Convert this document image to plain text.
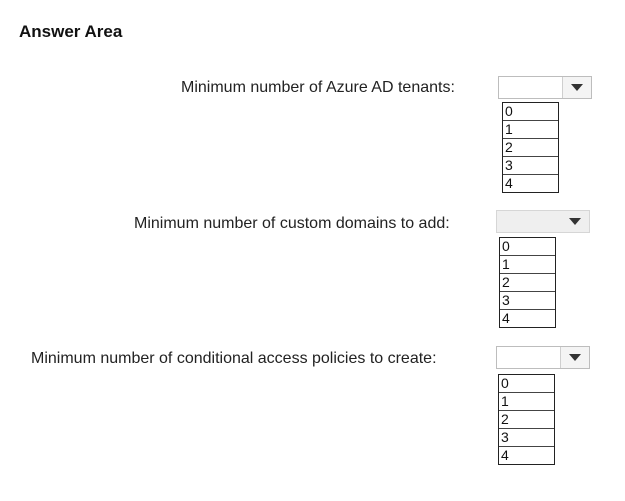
Answer Area
Minimum number of Azure AD tenants:
0
1
2
3
4
Minimum number of custom domains to add:
0
1
2
3
4
Minimum number of conditional access policies to create:
0
1
2
3
4
